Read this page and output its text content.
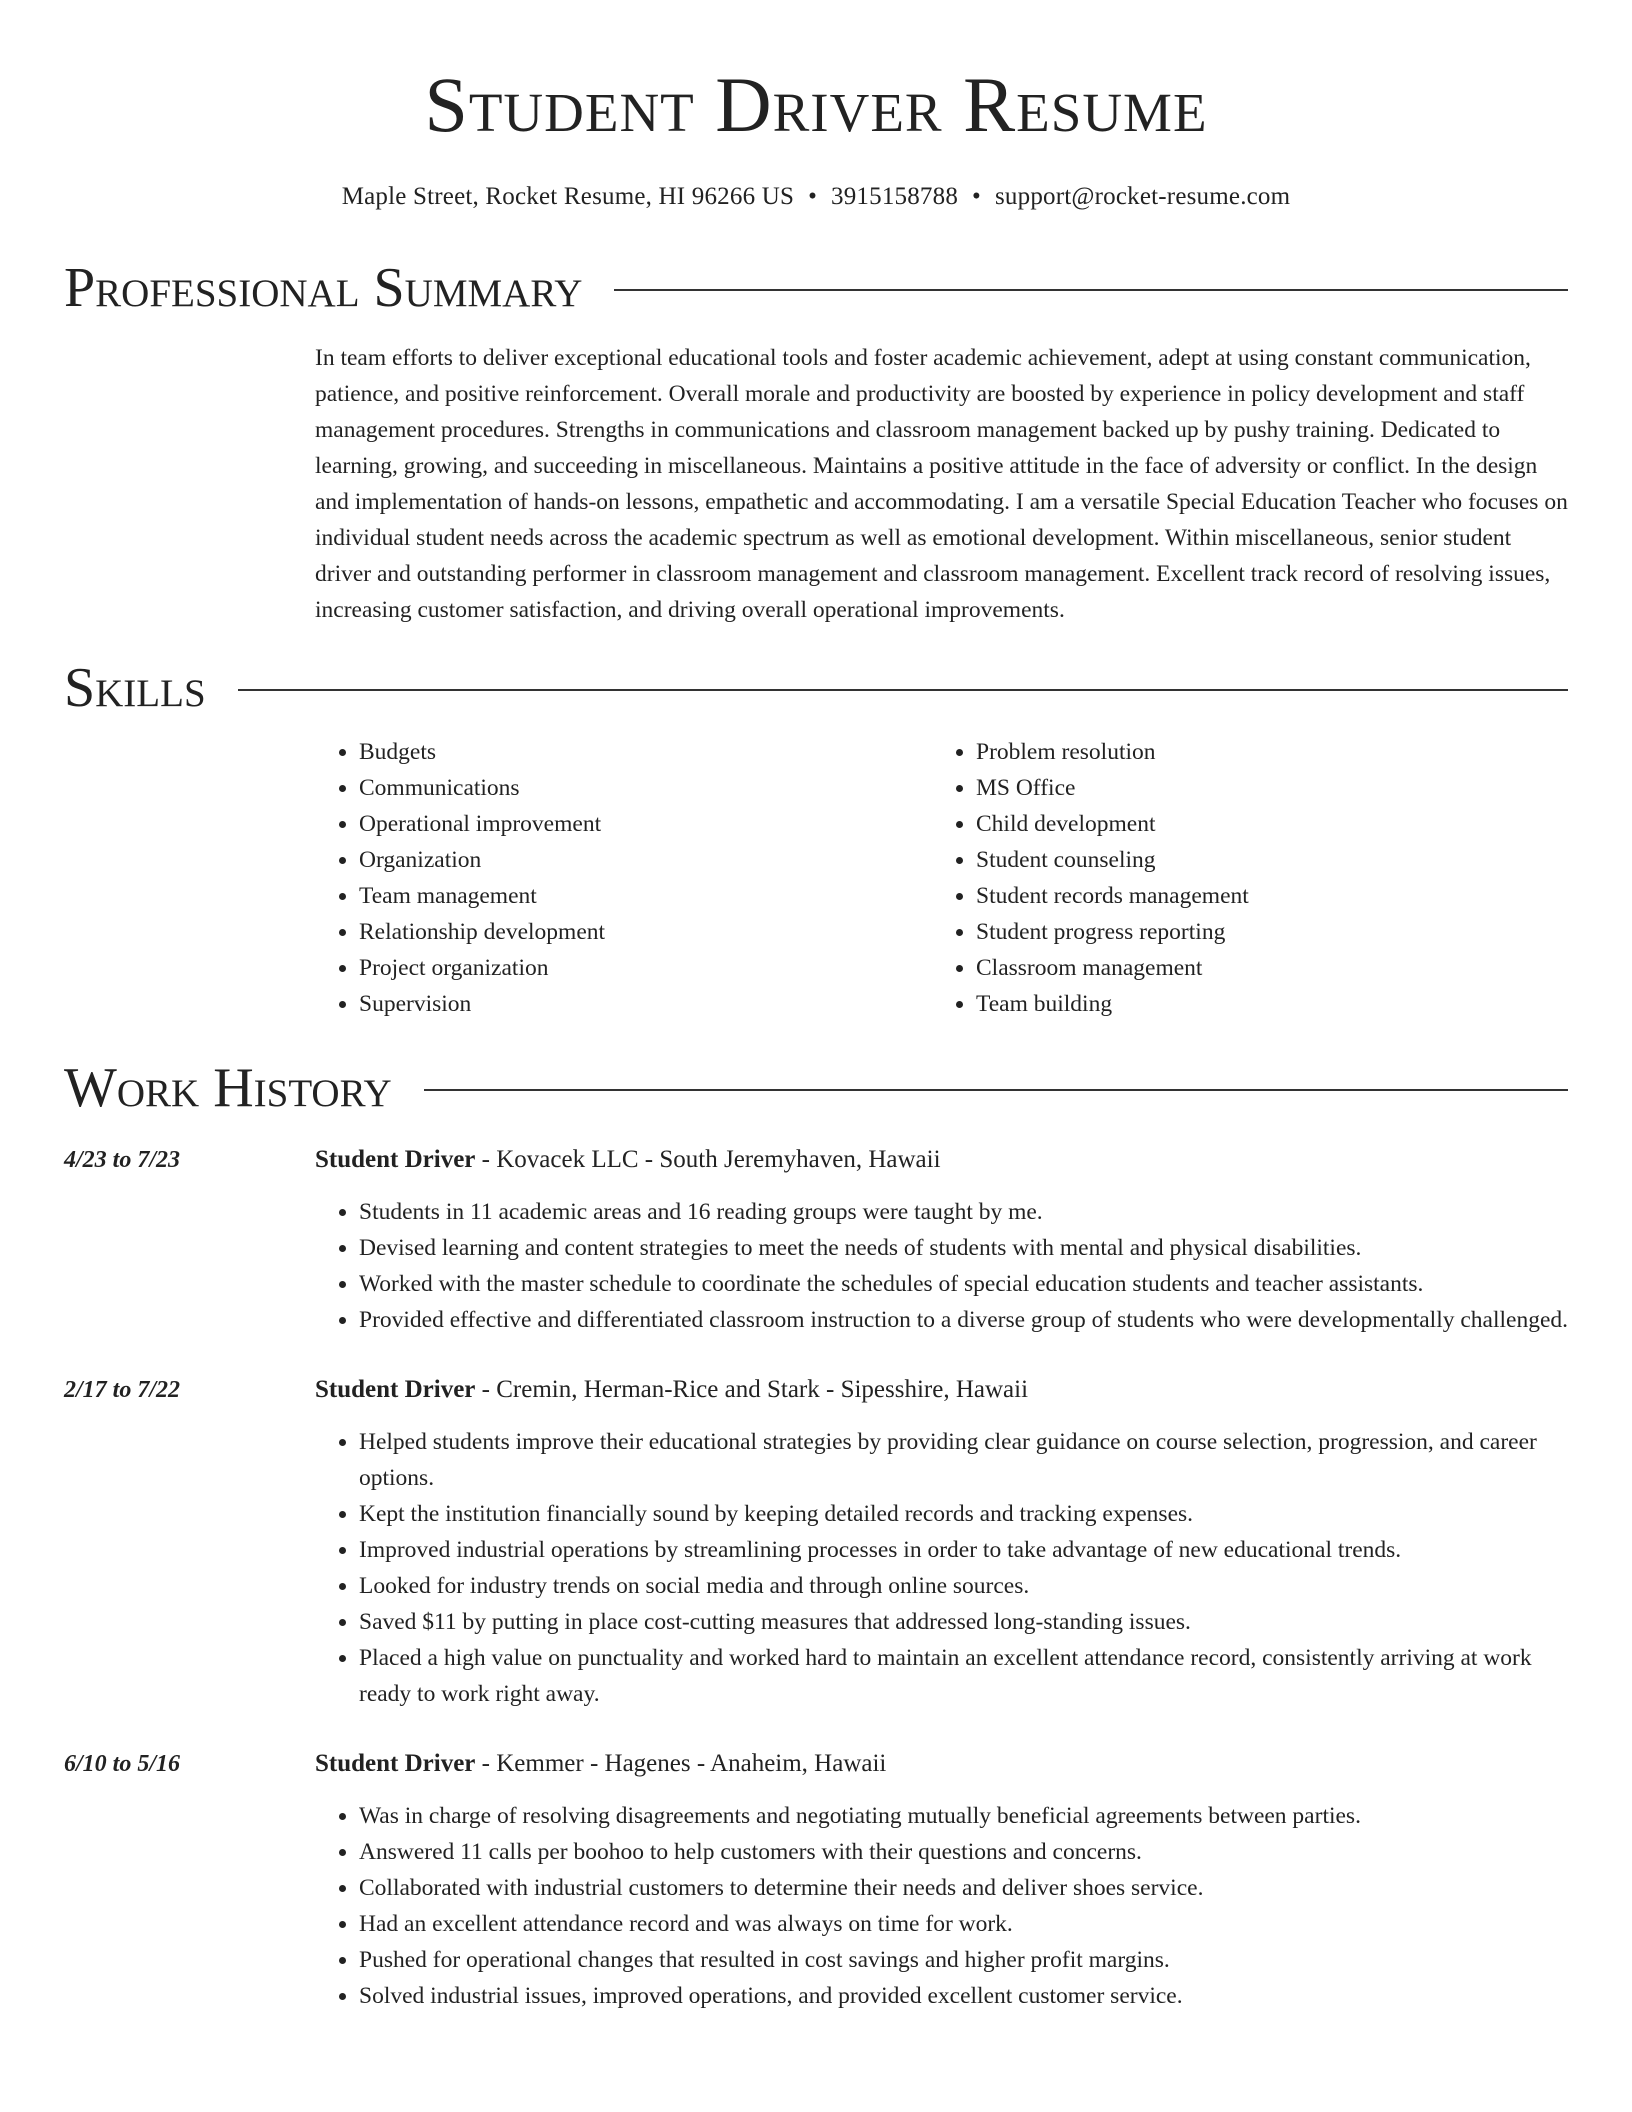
Student Driver Resume
Maple Street, Rocket Resume, HI 96266 US • 3915158788 • support@rocket-resume.com
Professional Summary

In team efforts to deliver exceptional educational tools and foster academic achievement, adept at using constant communication, patience, and positive reinforcement. Overall morale and productivity are boosted by experience in policy development and staff management procedures. Strengths in communications and classroom management backed up by pushy training. Dedicated to learning, growing, and succeeding in miscellaneous. Maintains a positive attitude in the face of adversity or conflict. In the design and implementation of hands-on lessons, empathetic and accommodating. I am a versatile Special Education Teacher who focuses on individual student needs across the academic spectrum as well as emotional development. Within miscellaneous, senior student driver and outstanding performer in classroom management and classroom management. Excellent track record of resolving issues, increasing customer satisfaction, and driving overall operational improvements.

Skills
• Budgets
• Communications
• Operational improvement
• Organization
• Team management
• Relationship development
• Project organization
• Supervision
• Problem resolution
• MS Office
• Child development
• Student counseling
• Student records management
• Student progress reporting
• Classroom management
• Team building
Work History
4/23 to 7/23	Student Driver - Kovacek LLC - South Jeremyhaven, Hawaii
• Students in 11 academic areas and 16 reading groups were taught by me.
• Devised learning and content strategies to meet the needs of students with mental and physical disabilities.
• Worked with the master schedule to coordinate the schedules of special education students and teacher assistants.
• Provided effective and differentiated classroom instruction to a diverse group of students who were developmentally challenged.
2/17 to 7/22	Student Driver - Cremin, Herman-Rice and Stark - Sipesshire, Hawaii
• Helped students improve their educational strategies by providing clear guidance on course selection, progression, and career options.
• Kept the institution financially sound by keeping detailed records and tracking expenses.
• Improved industrial operations by streamlining processes in order to take advantage of new educational trends.
• Looked for industry trends on social media and through online sources.
• Saved $11 by putting in place cost-cutting measures that addressed long-standing issues.
• Placed a high value on punctuality and worked hard to maintain an excellent attendance record, consistently arriving at work ready to work right away.
6/10 to 5/16	Student Driver - Kemmer - Hagenes - Anaheim, Hawaii
• Was in charge of resolving disagreements and negotiating mutually beneficial agreements between parties.
• Answered 11 calls per boohoo to help customers with their questions and concerns.
• Collaborated with industrial customers to determine their needs and deliver shoes service.
• Had an excellent attendance record and was always on time for work.
• Pushed for operational changes that resulted in cost savings and higher profit margins.
• Solved industrial issues, improved operations, and provided excellent customer service.
